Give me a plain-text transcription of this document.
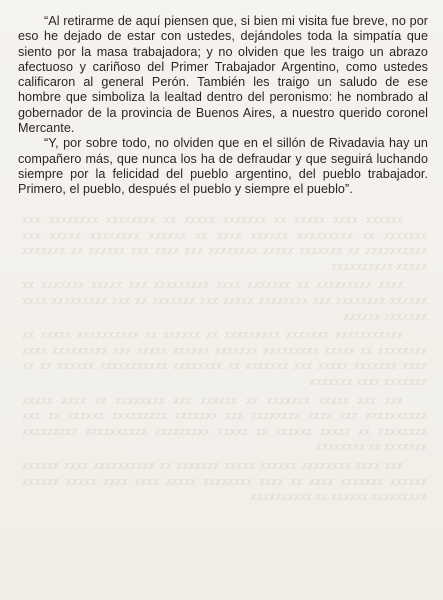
xxxxxx xxxx xxxxx xx xxxxxxx xxxxx xx xxxxxxxx xxxxxxxx xxx xxxxxxx xx xxxxxxxxx xxxxxx xxxx xx xxxxxx xxxxxxxx xxxxx xxx xxxxxxxxxx xx xxxxxxx xxxxx xxxxxxxx xxx xxxx xxx xxxxxx xx xxxxxxx xxxxx xxxxxxxxxx

xxxx xxxxxxxxx xx xxxxxxx xxxx xxxxxxxxx xxx xxxxx xxxxxxx xx xxxxxx xxxxxxxx xxx xxxxxxxx xxxxx xxx xxxxxxx xx xxx xxxxxxxxx xxxx xxxxxxx xxxxxx

xxxxxxxxxxx xxxxxxx xxxxxxxxx xx xxxxxx xx xxxxxxxxxx xxxxx xx xxxxxxxx xx xxxxx xxxxxxxxx xxxxxxx xxxxxx xxxxx xxx xxxxxxxxx xxxx xxxx xxxxxxx xxxxx xxx xxxxxxx xx xxxxxxxx xxxxxxxxxxx xxxxxx xx xx xxxxxxx xxxx xxxxxxx

xxx xxx xxxxx xxxxxxx xx xxxxxx xxx xxxxxxxx xx xxxx xxxxx xxxxxxxxxx xxx xxxx xxxxxxxx xxx xxxxxxx xxxxxxxxx xxxxxx xx xxx xxxxxxxx xx xxxxx xxxxxx xx xxxxx xxxxxxxxx xxxxxxxxxx xxxxxxxxx xxxxxxx xx xxxxxxxx

xxx xxxx xxxxxxxx xxxxxx xxxxx xxxxxxx xx xxxxxxxxxx xxxx xxxxxx xxxxxx xxxxxxx xxxx xx xxxx xxxxxxxx xxxxx xxxx xxxx xxxxx xxxxxx xxxxxxxxx xxxxxx xx xxxxxxxxxx

“Al retirarme de aquí piensen que, si bien mi visita fue breve, no por eso he dejado de estar con ustedes, dejándoles toda la simpatía que siento por la masa trabajadora; y no olviden que les traigo un abrazo afectuoso y cariñoso del Primer Trabajador Argentino, como ustedes calificaron al general Perón. También les traigo un saludo de ese hombre que simboliza la lealtad dentro del peronismo: he nombrado al gobernador de la provincia de Buenos Aires, a nuestro querido coronel Mercante.

“Y, por sobre todo, no olviden que en el sillón de Rivadavia hay un compañero más, que nunca los ha de defraudar y que seguirá luchando siempre por la felicidad del pueblo argentino, del pueblo trabajador. Primero, el pueblo, después el pueblo y siempre el pueblo”.
